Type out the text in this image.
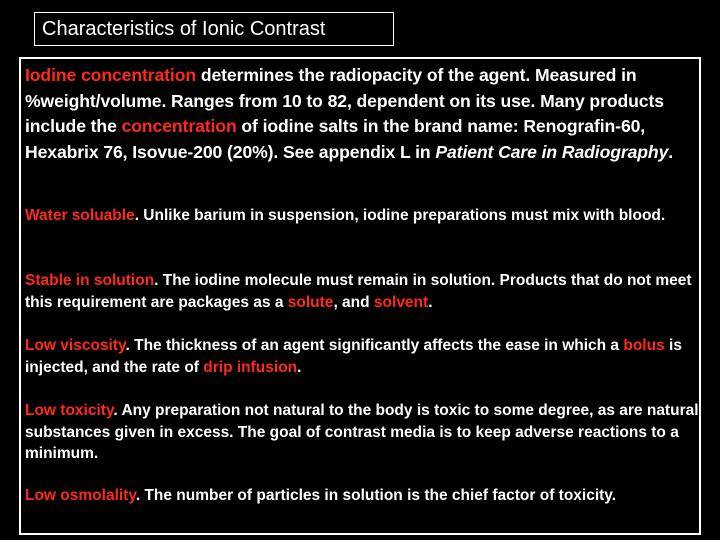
Characteristics of Ionic Contrast

Iodine concentration determines the radiopacity of the agent. Measured in %weight/volume. Ranges from 10 to 82, dependent on its use. Many products include the concentration of iodine salts in the brand name: Renografin-60, Hexabrix 76, Isovue-200 (20%). See appendix L in Patient Care in Radiography.

Water soluable. Unlike barium in suspension, iodine preparations must mix with blood.

Stable in solution. The iodine molecule must remain in solution. Products that do not meet this requirement are packages as a solute, and solvent.

Low viscosity. The thickness of an agent significantly affects the ease in which a bolus is injected, and the rate of drip infusion.

Low toxicity. Any preparation not natural to the body is toxic to some degree, as are natural substances given in excess. The goal of contrast media is to keep adverse reactions to a minimum.

Low osmolality. The number of particles in solution is the chief factor of toxicity.
